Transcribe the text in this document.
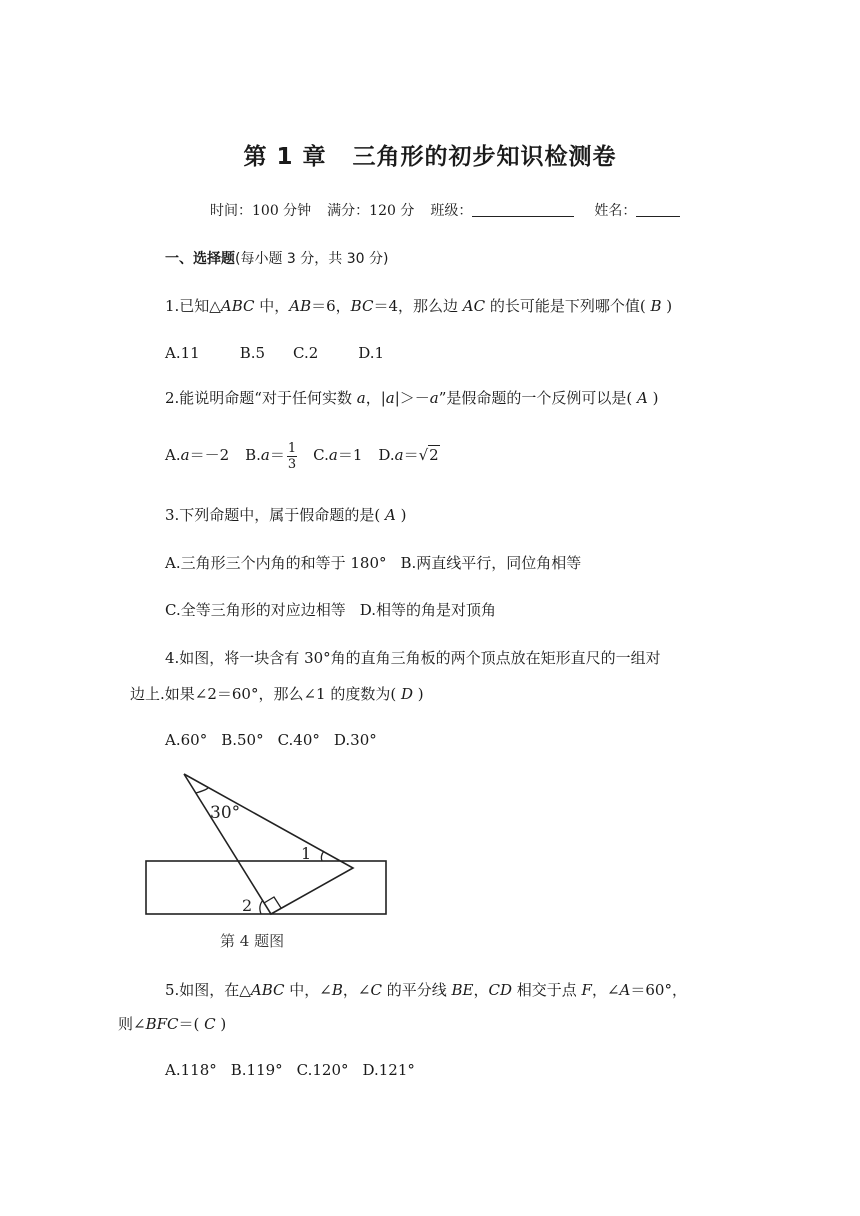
第 1 章 三角形的初步知识检测卷
时间：100 分钟 满分：120 分 班级：	姓名：
一、选择题(每小题 3 分，共 30 分)
1.已知△ABC 中，AB＝6，BC＝4，那么边 AC 的长可能是下列哪个值( B )
A.11	B.5 C.2	D.1
2.能说明命题“对于任何实数 a，|a|＞－a”是假命题的一个反例可以是( A )
A.a＝－2 $B.a= \frac{1}{3} C.a=1$ D.a＝√2
3.下列命题中，属于假命题的是( A )
A.三角形三个内角的和等于 180° B.两直线平行，同位角相等
C.全等三角形的对应边相等 D.相等的角是对顶角
4.如图，将一块含有 30°角的直角三角板的两个顶点放在矩形直尺的一组对
边上.如果∠2＝60°，那么∠1 的度数为( D )
A.60° B.50° C.40° D.30°
30°
1
2
第 4 题图
5.如图，在△ABC 中，∠B，∠C 的平分线 BE，CD 相交于点 F，∠A＝60°，
则∠BFC＝( C )
A.118° B.119° C.120° D.121°
